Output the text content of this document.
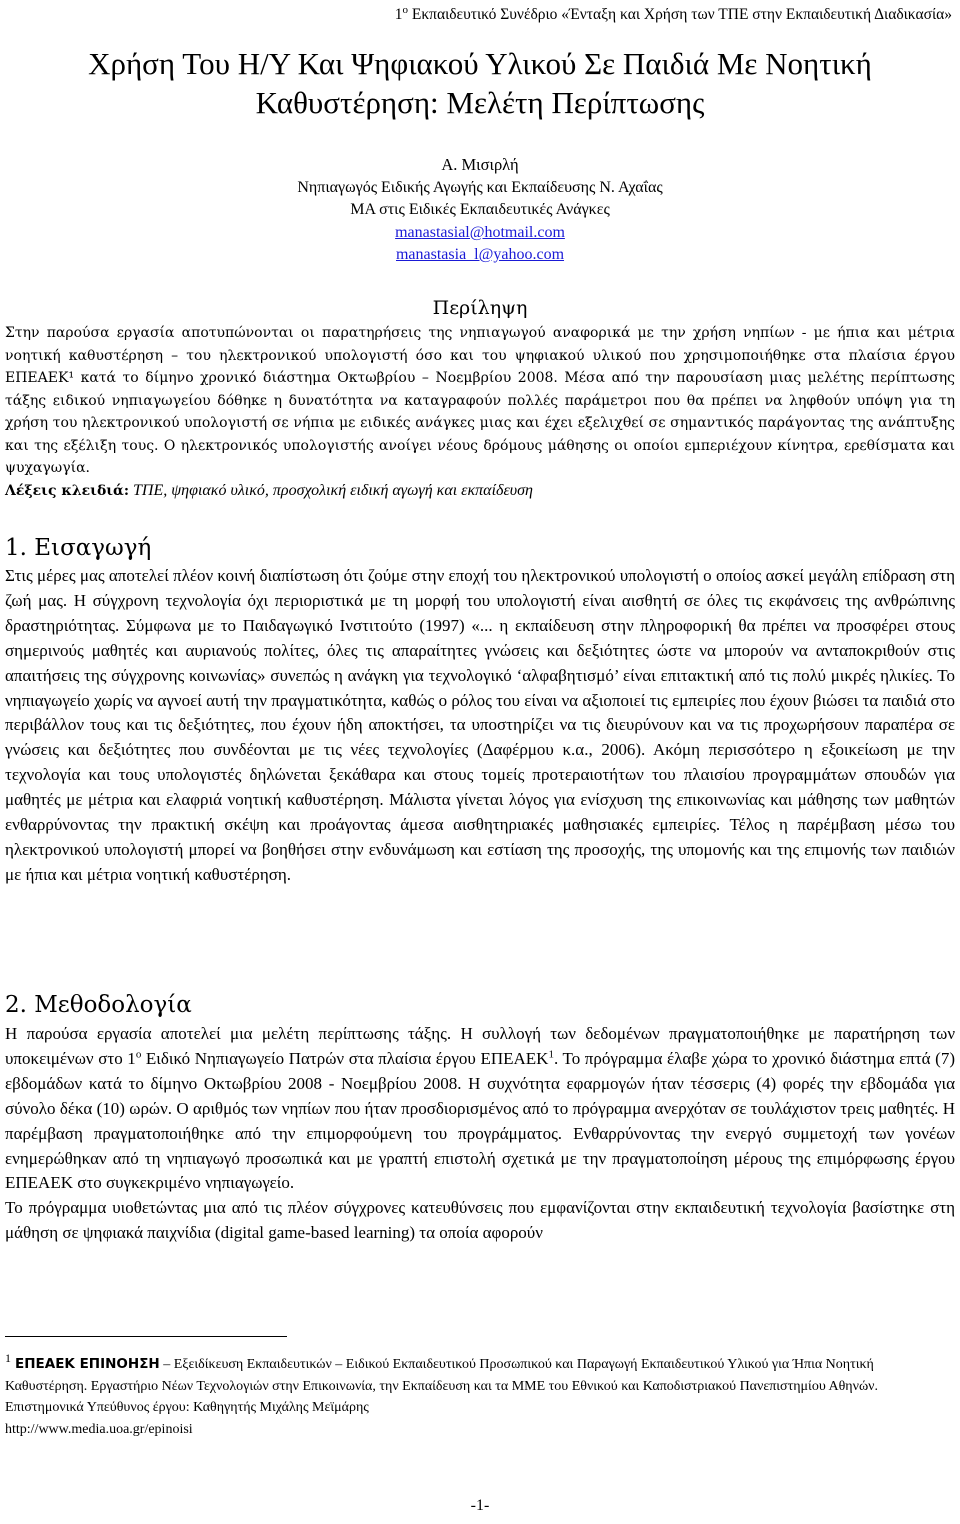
$1^o$ Εκπαιδευτικό Συνέδριο «Ένταξη και Χρήση των ΤΠΕ στην Εκπαιδευτική Διαδικασία»
Χρήση Του Η/Υ Και Ψηφιακού Υλικού Σε Παιδιά Με Νοητική
Καθυστέρηση: Μελέτη Περίπτωσης
Α. Μισιρλή
Νηπιαγωγός Ειδικής Αγωγής και Εκπαίδευσης Ν. Αχαΐας
ΜΑ στις Ειδικές Εκπαιδευτικές Ανάγκες
manastasial@hotmail.com
manastasia_l@yahoo.com
Περίληψη

Στην παρούσα εργασία αποτυπώνονται οι παρατηρήσεις της νηπιαγωγού αναφορικά με την χρήση νηπίων - με ήπια και μέτρια νοητική καθυστέρηση – του ηλεκτρονικού υπολογιστή όσο και του ψηφιακού υλικού που χρησιμοποιήθηκε στα πλαίσια έργου ΕΠΕΑΕΚ¹ κατά το δίμηνο χρονικό διάστημα Οκτωβρίου – Νοεμβρίου 2008. Μέσα από την παρουσίαση μιας μελέτης περίπτωσης τάξης ειδικού νηπιαγωγείου δόθηκε η δυνατότητα να καταγραφούν πολλές παράμετροι που θα πρέπει να ληφθούν υπόψη για τη χρήση του ηλεκτρονικού υπολογιστή σε νήπια με ειδικές ανάγκες μιας και έχει εξελιχθεί σε σημαντικός παράγοντας της ανάπτυξης και της εξέλιξη τους. Ο ηλεκτρονικός υπολογιστής ανοίγει νέους δρόμους μάθησης οι οποίοι εμπεριέχουν κίνητρα, ερεθίσματα και ψυχαγωγία.

Λέξεις κλειδιά: ΤΠΕ, ψηφιακό υλικό, προσχολική ειδική αγωγή και εκπαίδευση

1. Εισαγωγή

Στις μέρες μας αποτελεί πλέον κοινή διαπίστωση ότι ζούμε στην εποχή του ηλεκτρονικού υπολογιστή ο οποίος ασκεί μεγάλη επίδραση στη ζωή μας. Η σύγχρονη τεχνολογία όχι περιοριστικά με τη μορφή του υπολογιστή είναι αισθητή σε όλες τις εκφάνσεις της ανθρώπινης δραστηριότητας. Σύμφωνα με το Παιδαγωγικό Ινστιτούτο (1997) «... η εκπαίδευση στην πληροφορική θα πρέπει να προσφέρει στους σημερινούς μαθητές και αυριανούς πολίτες, όλες τις απαραίτητες γνώσεις και δεξιότητες ώστε να μπορούν να ανταποκριθούν στις απαιτήσεις της σύγχρονης κοινωνίας» συνεπώς η ανάγκη για τεχνολογικό ‘αλφαβητισμό’ είναι επιτακτική από τις πολύ μικρές ηλικίες. Το νηπιαγωγείο χωρίς να αγνοεί αυτή την πραγματικότητα, καθώς ο ρόλος του είναι να αξιοποιεί τις εμπειρίες που έχουν βιώσει τα παιδιά στο περιβάλλον τους και τις δεξιότητες, που έχουν ήδη αποκτήσει, τα υποστηρίζει να τις διευρύνουν και να τις προχωρήσουν παραπέρα σε γνώσεις και δεξιότητες που συνδέονται με τις νέες τεχνολογίες (Δαφέρμου κ.α., 2006). Ακόμη περισσότερο η εξοικείωση με την τεχνολογία και τους υπολογιστές δηλώνεται ξεκάθαρα και στους τομείς προτεραιοτήτων του πλαισίου προγραμμάτων σπουδών για μαθητές με μέτρια και ελαφριά νοητική καθυστέρηση. Μάλιστα γίνεται λόγος για ενίσχυση της επικοινωνίας και μάθησης των μαθητών ενθαρρύνοντας την πρακτική σκέψη και προάγοντας άμεσα αισθητηριακές μαθησιακές εμπειρίες. Τέλος η παρέμβαση μέσω του ηλεκτρονικού υπολογιστή μπορεί να βοηθήσει στην ενδυνάμωση και εστίαση της προσοχής, της υπομονής και της επιμονής των παιδιών με ήπια και μέτρια νοητική καθυστέρηση.

2. Μεθοδολογία

Η παρούσα εργασία αποτελεί μια μελέτη περίπτωσης τάξης. Η συλλογή των δεδομένων πραγματοποιήθηκε με παρατήρηση των υποκειμένων στο $1^o$ Ειδικό Νηπιαγωγείο Πατρών στα πλαίσια έργου ΕΠΕΑΕΚ$^1$. Το πρόγραμμα έλαβε χώρα το χρονικό διάστημα επτά (7) εβδομάδων κατά το δίμηνο Οκτωβρίου 2008 - Νοεμβρίου 2008. Η συχνότητα εφαρμογών ήταν τέσσερις (4) φορές την εβδομάδα για σύνολο δέκα (10) ωρών. Ο αριθμός των νηπίων που ήταν προσδιορισμένος από το πρόγραμμα ανερχόταν σε τουλάχιστον τρεις μαθητές. Η παρέμβαση πραγματοποιήθηκε από την επιμορφούμενη του προγράμματος. Ενθαρρύνοντας την ενεργό συμμετοχή των γονέων ενημερώθηκαν από τη νηπιαγωγό προσωπικά και με γραπτή επιστολή σχετικά με την πραγματοποίηση μέρους της επιμόρφωσης έργου ΕΠΕΑΕΚ στο συγκεκριμένο νηπιαγωγείο.

Το πρόγραμμα υιοθετώντας μια από τις πλέον σύγχρονες κατευθύνσεις που εμφανίζονται στην εκπαιδευτική τεχνολογία βασίστηκε στη μάθηση σε ψηφιακά παιχνίδια (digital game-based learning) τα οποία αφορούν

1 ΕΠΕΑΕΚ ΕΠΙΝΟΗΣΗ – Εξειδίκευση Εκπαιδευτικών – Ειδικού Εκπαιδευτικού Προσωπικού και Παραγωγή Εκπαιδευτικού Υλικού για Ήπια Νοητική Καθυστέρηση. Εργαστήριο Νέων Τεχνολογιών στην Επικοινωνία, την Εκπαίδευση και τα ΜΜΕ του Εθνικού και Καποδιστριακού Πανεπιστημίου Αθηνών. Επιστημονικά Υπεύθυνος έργου: Καθηγητής Μιχάλης Μεϊμάρης

http://www.media.uoa.gr/epinoisi

-1-
